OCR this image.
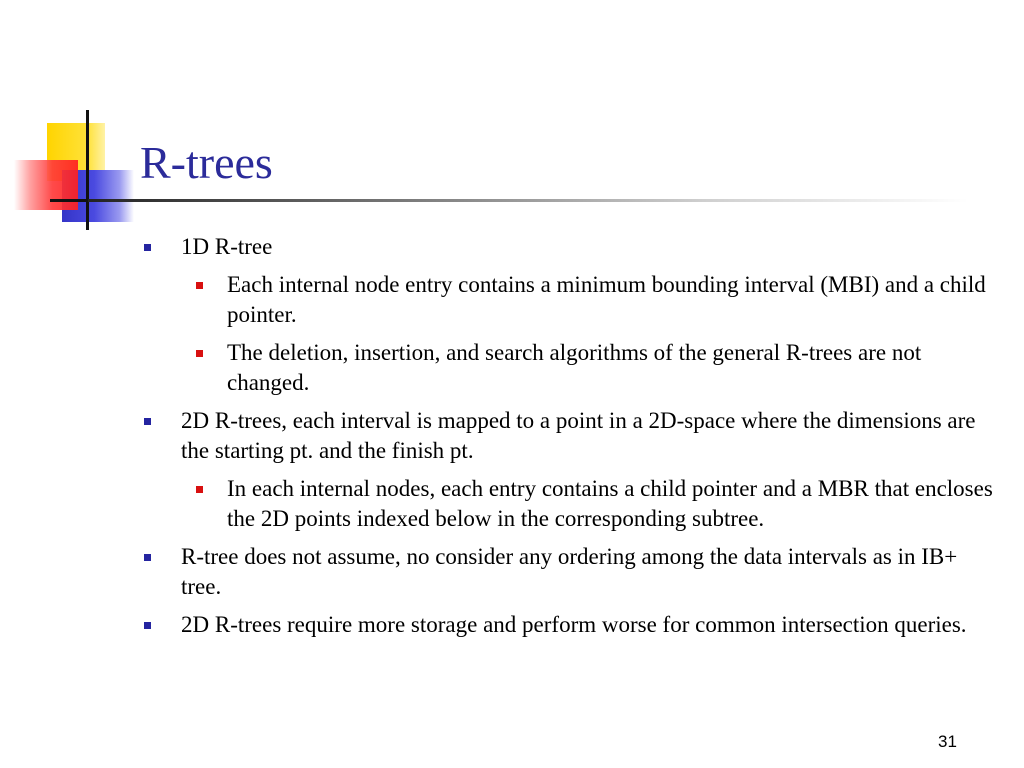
R-trees
1D R-tree
Each internal node entry contains a minimum bounding interval (MBI) and a child pointer.
The deletion, insertion, and search algorithms of the general R-trees are not changed.
2D R-trees, each interval is mapped to a point in a 2D-space where the dimensions are the starting pt. and the finish pt.
In each internal nodes, each entry contains a child pointer and a MBR that encloses the 2D points indexed below in the corresponding subtree.
R-tree does not assume, no consider any ordering among the data intervals as in IB+ tree.
2D R-trees require more storage and perform worse for common intersection queries.
31
